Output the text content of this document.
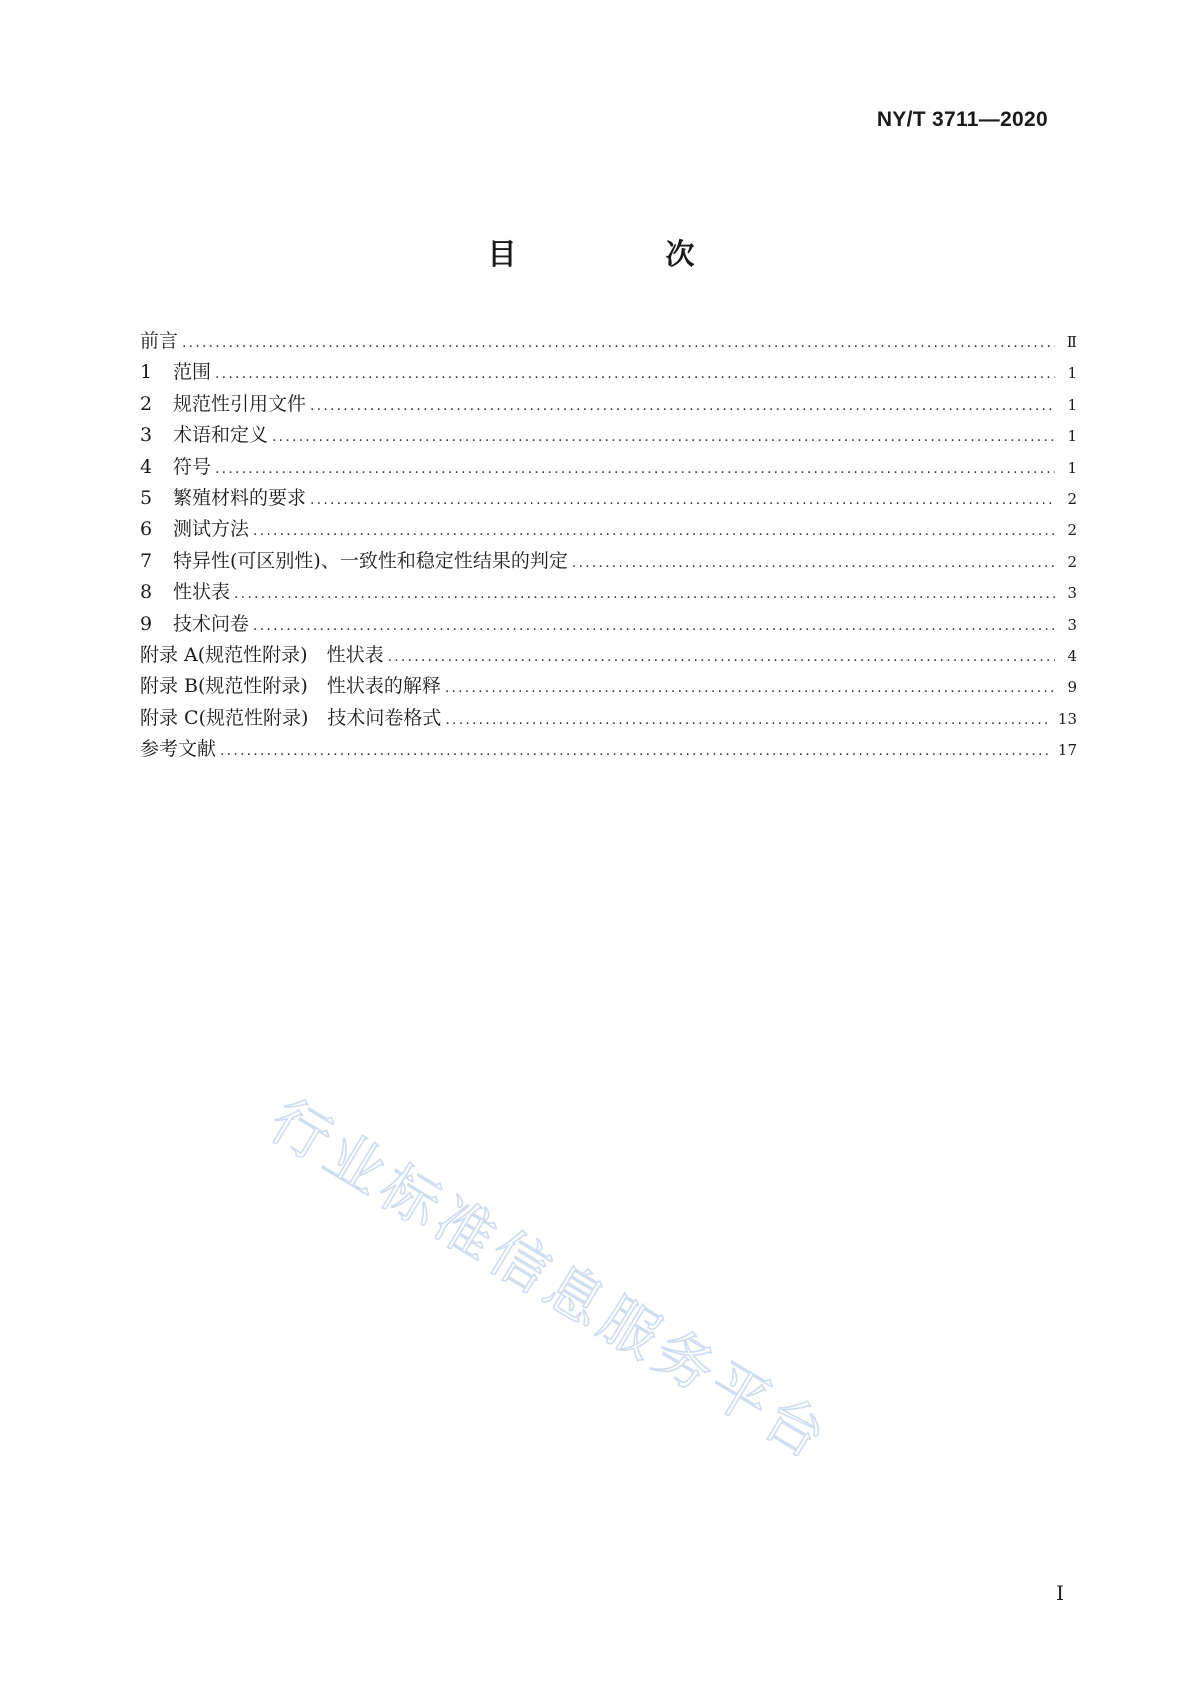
NY/T 3711—2020
目　次
前言 .....	Ⅱ
1	范围 .....	1
2	规范性引用文件 .....	1
3	术语和定义 .....	1
4	符号 .....	1
5	繁殖材料的要求 .....	2
6	测试方法 .....	2
7	特异性(可区别性)、一致性和稳定性结果的判定 .....	2
8	性状表 .....	3
9	技术问卷 .....	3
附录 A(规范性附录)　性状表 .....	4
附录 B(规范性附录)　性状表的解释 .....	9
附录 C(规范性附录)　技术问卷格式 .....	13
参考文献 .....	17
行业标准信息服务平台
Ⅰ
